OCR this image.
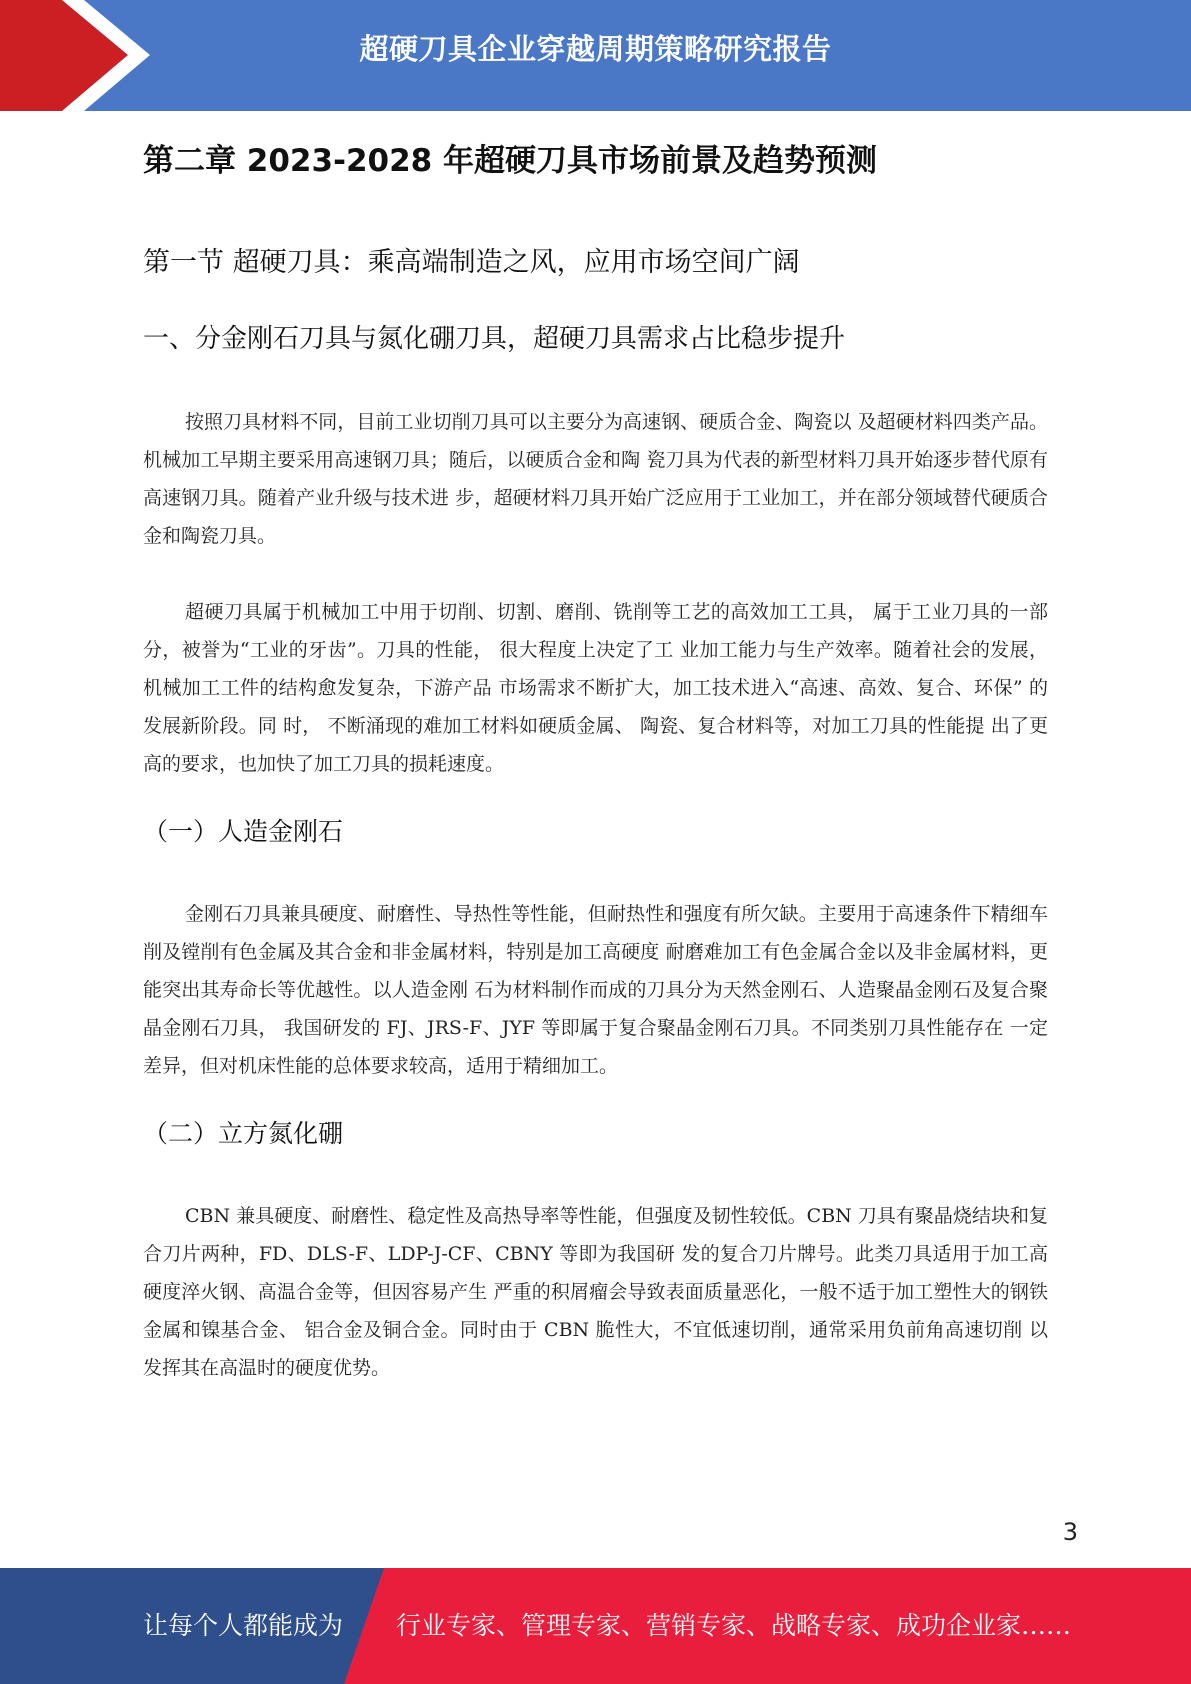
超硬刀具企业穿越周期策略研究报告
第二章 2023-2028 年超硬刀具市场前景及趋势预测
第一节 超硬刀具：乘高端制造之风，应用市场空间广阔
一、分金刚石刀具与氮化硼刀具，超硬刀具需求占比稳步提升

按照刀具材料不同，目前工业切削刀具可以主要分为高速钢、硬质合金、陶瓷以 及超硬材料四类产品。 机械加工早期主要采用高速钢刀具；随后，以硬质合金和陶 瓷刀具为代表的新型材料刀具开始逐步替代原有高速钢刀具。随着产业升级与技术进 步，超硬材料刀具开始广泛应用于工业加工，并在部分领域替代硬质合金和陶瓷刀具。

超硬刀具属于机械加工中用于切削、切割、磨削、铣削等工艺的高效加工工具， 属于工业刀具的一部分，被誉为“工业的牙齿”。刀具的性能， 很大程度上决定了工 业加工能力与生产效率。随着社会的发展，机械加工工件的结构愈发复杂，下游产品 市场需求不断扩大，加工技术进入“高速、高效、复合、环保” 的发展新阶段。同 时， 不断涌现的难加工材料如硬质金属、 陶瓷、复合材料等，对加工刀具的性能提 出了更高的要求，也加快了加工刀具的损耗速度。

（一）人造金刚石

金刚石刀具兼具硬度、耐磨性、导热性等性能，但耐热性和强度有所欠缺。主要用于高速条件下精细车削及镗削有色金属及其合金和非金属材料，特别是加工高硬度 耐磨难加工有色金属合金以及非金属材料，更能突出其寿命长等优越性。以人造金刚 石为材料制作而成的刀具分为天然金刚石、人造聚晶金刚石及复合聚晶金刚石刀具， 我国研发的 FJ、JRS-F、JYF 等即属于复合聚晶金刚石刀具。不同类别刀具性能存在 一定差异，但对机床性能的总体要求较高，适用于精细加工。

（二）立方氮化硼

CBN 兼具硬度、耐磨性、稳定性及高热导率等性能，但强度及韧性较低。CBN 刀具有聚晶烧结块和复合刀片两种，FD、DLS-F、LDP-J-CF、CBNY 等即为我国研 发的复合刀片牌号。此类刀具适用于加工高硬度淬火钢、高温合金等，但因容易产生 严重的积屑瘤会导致表面质量恶化，一般不适于加工塑性大的钢铁金属和镍基合金、 铝合金及铜合金。同时由于 CBN 脆性大，不宜低速切削，通常采用负前角高速切削 以发挥其在高温时的硬度优势。

3
让每个人都能成为 行业专家、管理专家、营销专家、战略专家、成功企业家……
